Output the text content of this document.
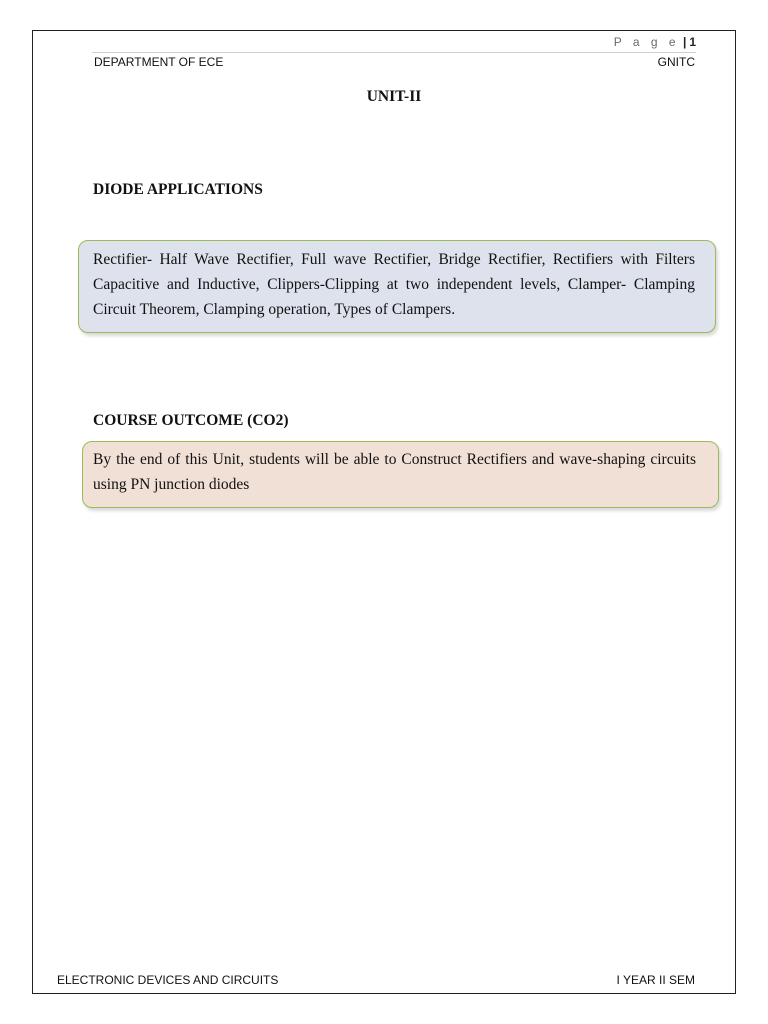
P a g e | 1
DEPARTMENT OF ECE	GNITC
UNIT-II
DIODE APPLICATIONS
Rectifier- Half Wave Rectifier, Full wave Rectifier, Bridge Rectifier, Rectifiers with Filters Capacitive and Inductive, Clippers-Clipping at two independent levels, Clamper- Clamping Circuit Theorem, Clamping operation, Types of Clampers.
COURSE OUTCOME (CO2)
By the end of this Unit, students will be able to Construct Rectifiers and wave-shaping circuits using PN junction diodes
ELECTRONIC DEVICES AND CIRCUITS	I YEAR II SEM
